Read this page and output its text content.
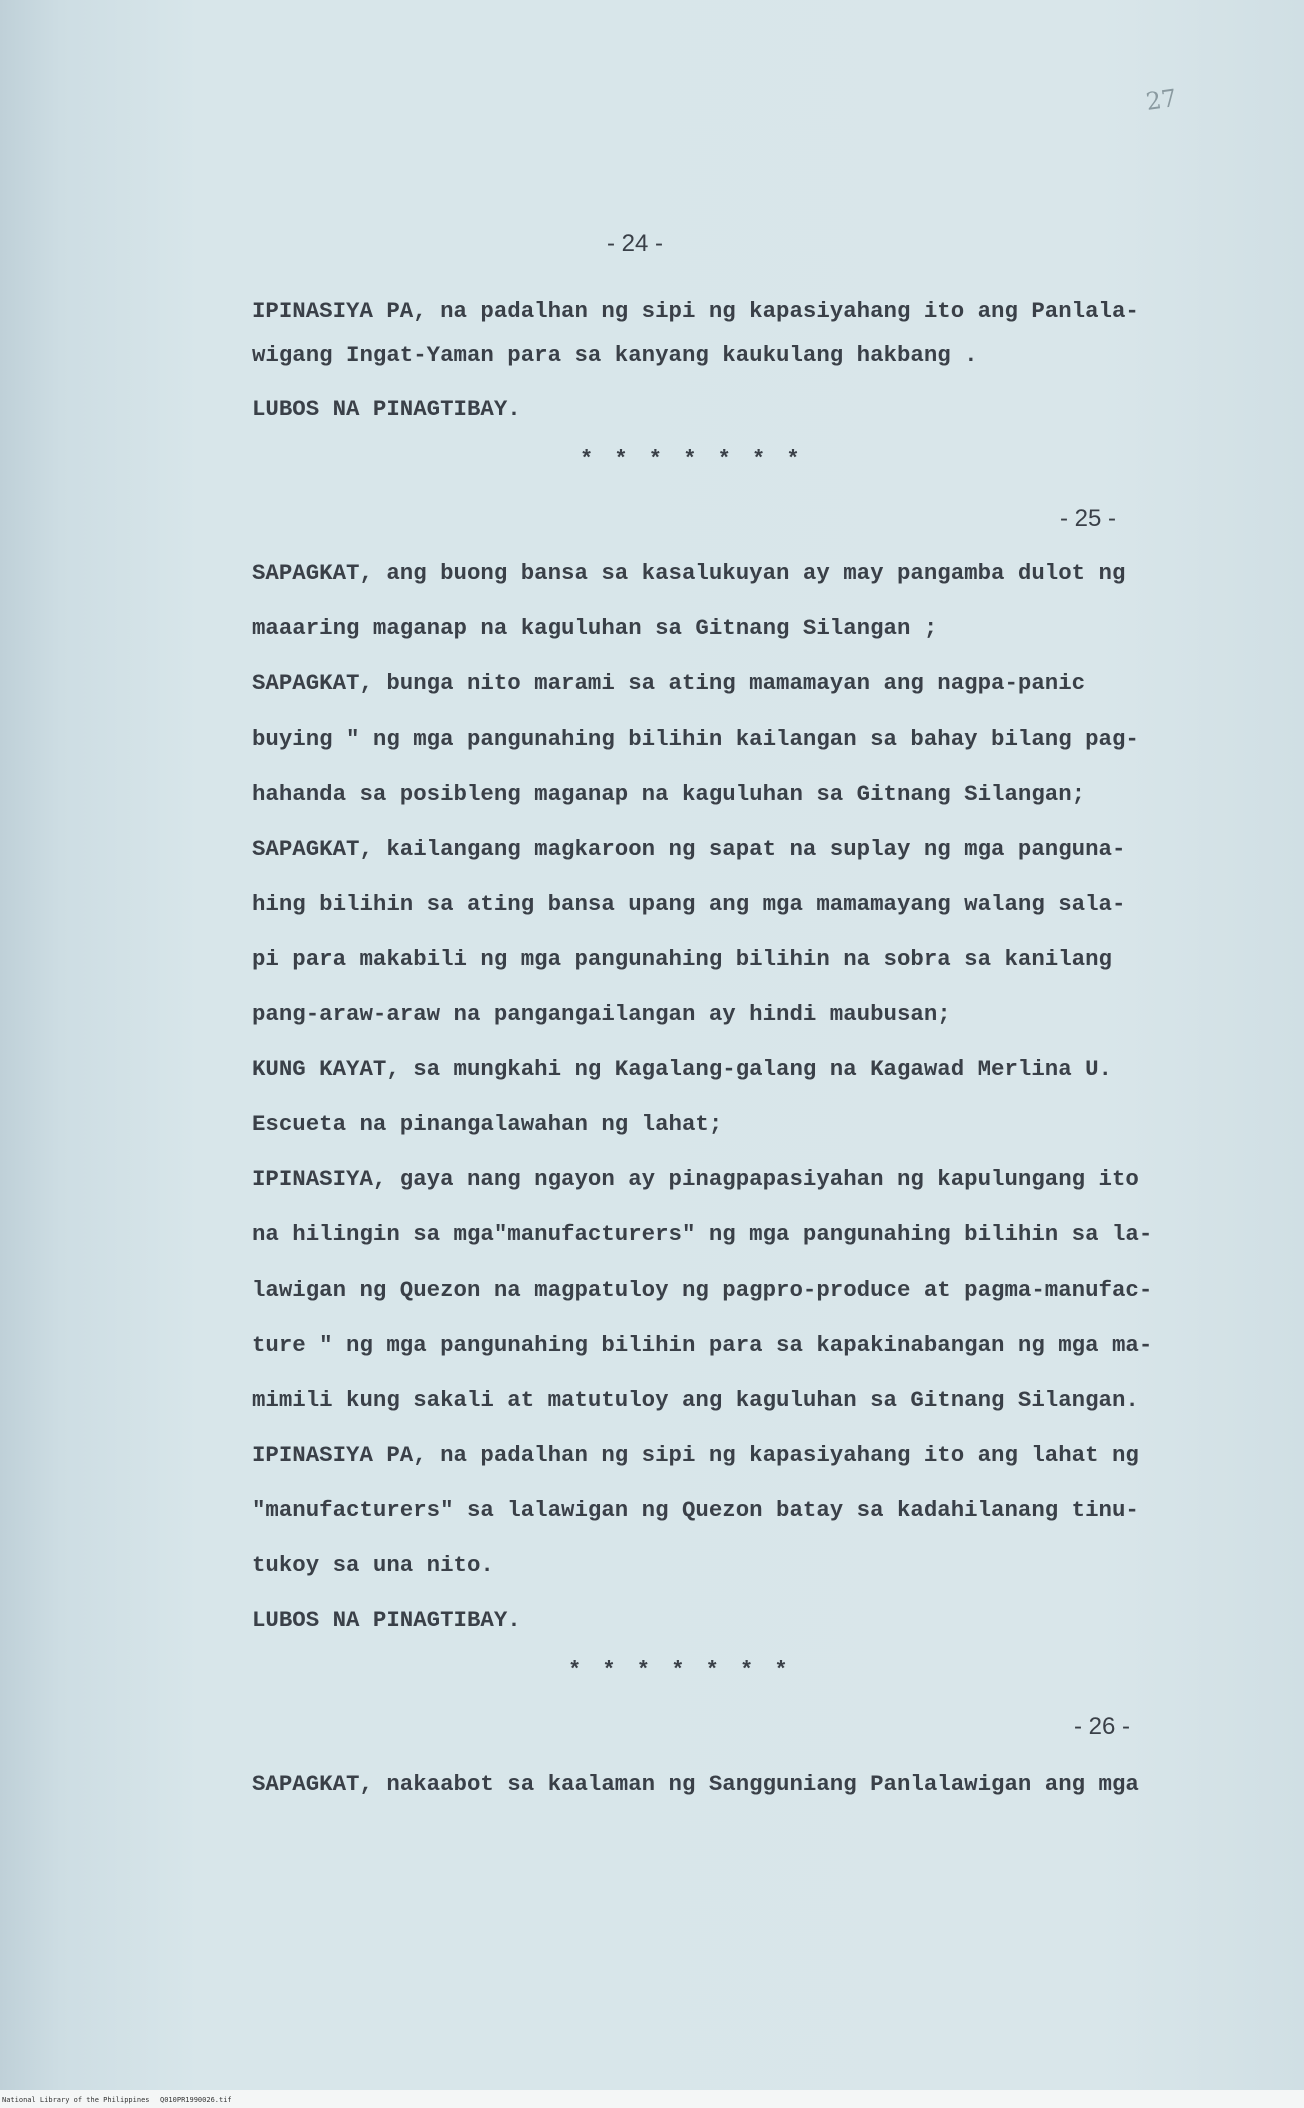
27
- 24 -
IPINASIYA PA, na padalhan ng sipi ng kapasiyahang ito ang Panlala-
wigang Ingat-Yaman para sa kanyang kaukulang hakbang .
LUBOS NA PINAGTIBAY.
* * * * * * *
- 25 -
SAPAGKAT, ang buong bansa sa kasalukuyan ay may pangamba dulot ng
maaaring maganap na kaguluhan sa Gitnang Silangan ;
SAPAGKAT, bunga nito marami sa ating mamamayan ang nagpa-panic
buying " ng mga pangunahing bilihin kailangan sa bahay bilang pag-
hahanda sa posibleng maganap na kaguluhan sa Gitnang Silangan;
SAPAGKAT, kailangang magkaroon ng sapat na suplay ng mga panguna-
hing bilihin sa ating bansa upang ang mga mamamayang walang sala-
pi para makabili ng mga pangunahing bilihin na sobra sa kanilang
pang-araw-araw na pangangailangan ay hindi maubusan;
KUNG KAYAT, sa mungkahi ng Kagalang-galang na Kagawad Merlina U.
Escueta na pinangalawahan ng lahat;
IPINASIYA, gaya nang ngayon ay pinagpapasiyahan ng kapulungang ito
na hilingin sa mga"manufacturers" ng mga pangunahing bilihin sa la-
lawigan ng Quezon na magpatuloy ng pagpro-produce at pagma-manufac-
ture " ng mga pangunahing bilihin para sa kapakinabangan ng mga ma-
mimili kung sakali at matutuloy ang kaguluhan sa Gitnang Silangan.
IPINASIYA PA, na padalhan ng sipi ng kapasiyahang ito ang lahat ng
"manufacturers" sa lalawigan ng Quezon batay sa kadahilanang tinu-
tukoy sa una nito.
LUBOS NA PINAGTIBAY.
* * * * * * *
- 26 -
SAPAGKAT, nakaabot sa kaalaman ng Sangguniang Panlalawigan ang mga
National Library of the Philippines Q010PR1990026.tif
